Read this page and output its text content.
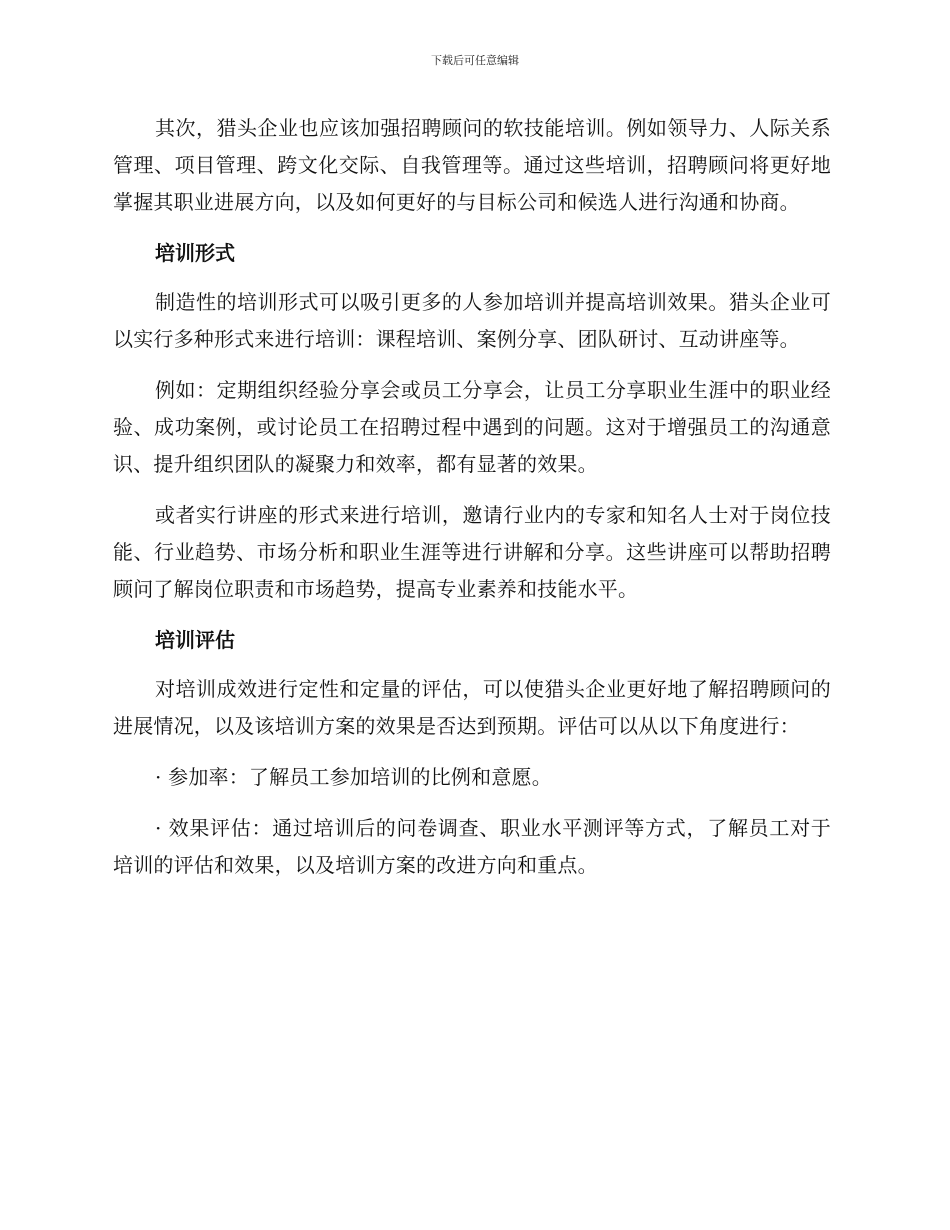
下载后可任意编辑

其次，猎头企业也应该加强招聘顾问的软技能培训。例如领导力、人际关系管理、项目管理、跨文化交际、自我管理等。通过这些培训，招聘顾问将更好地掌握其职业进展方向，以及如何更好的与目标公司和候选人进行沟通和协商。

培训形式

制造性的培训形式可以吸引更多的人参加培训并提高培训效果。猎头企业可以实行多种形式来进行培训：课程培训、案例分享、团队研讨、互动讲座等。

例如：定期组织经验分享会或员工分享会，让员工分享职业生涯中的职业经验、成功案例，或讨论员工在招聘过程中遇到的问题。这对于增强员工的沟通意识、提升组织团队的凝聚力和效率，都有显著的效果。

或者实行讲座的形式来进行培训，邀请行业内的专家和知名人士对于岗位技能、行业趋势、市场分析和职业生涯等进行讲解和分享。这些讲座可以帮助招聘顾问了解岗位职责和市场趋势，提高专业素养和技能水平。

培训评估

对培训成效进行定性和定量的评估，可以使猎头企业更好地了解招聘顾问的进展情况，以及该培训方案的效果是否达到预期。评估可以从以下角度进行：

· 参加率：了解员工参加培训的比例和意愿。

· 效果评估：通过培训后的问卷调查、职业水平测评等方式，了解员工对于培训的评估和效果，以及培训方案的改进方向和重点。
